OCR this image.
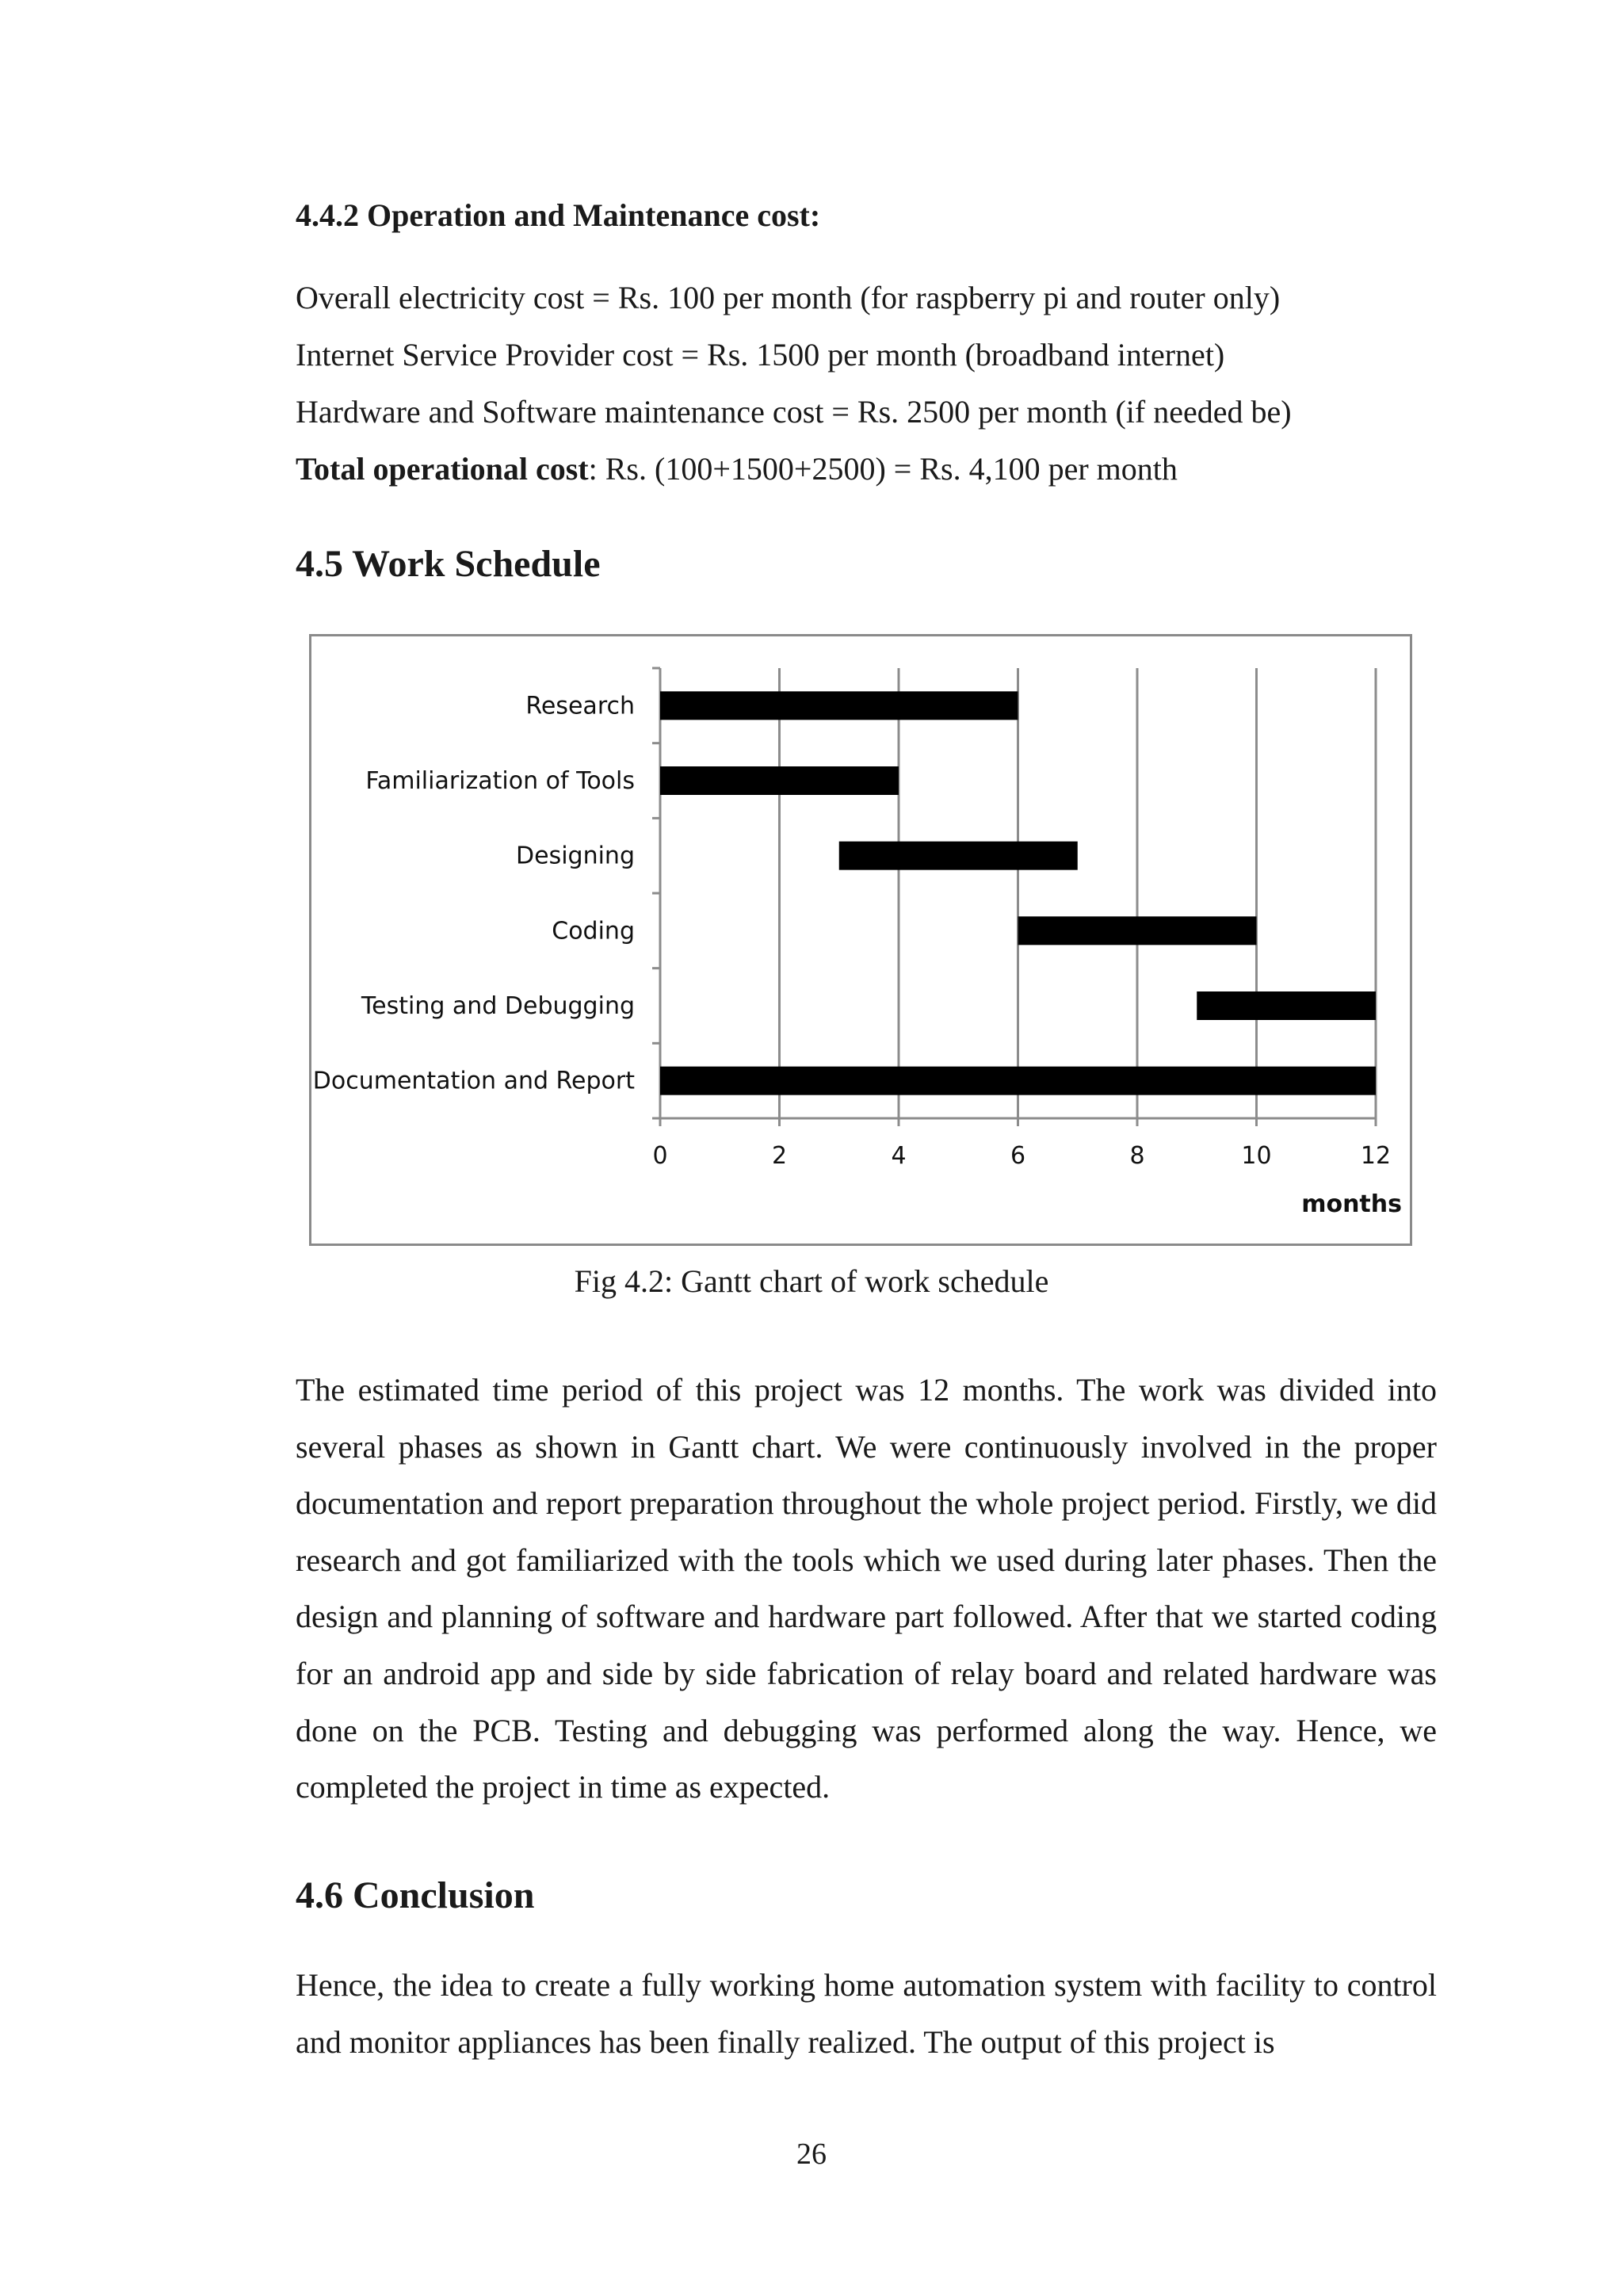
4.4.2 Operation and Maintenance cost:

Overall electricity cost = Rs. 100 per month (for raspberry pi and router only)

Internet Service Provider cost = Rs. 1500 per month (broadband internet)

Hardware and Software maintenance cost = Rs. 2500 per month (if needed be)

Total operational cost: Rs. (100+1500+2500) = Rs. 4,100 per month

4.5 Work Schedule
0	2	4	6	8	10	12
Research
Familiarization of Tools
Designing
Coding
Testing and Debugging
Documentation and Report
months

Fig 4.2: Gantt chart of work schedule

The estimated time period of this project was 12 months. The work was divided into several phases as shown in Gantt chart. We were continuously involved in the proper documentation and report preparation throughout the whole project period. Firstly, we did research and got familiarized with the tools which we used during later phases. Then the design and planning of software and hardware part followed. After that we started coding for an android app and side by side fabrication of relay board and related hardware was done on the PCB. Testing and debugging was performed along the way. Hence, we completed the project in time as expected.

4.6 Conclusion

Hence, the idea to create a fully working home automation system with facility to control and monitor appliances has been finally realized. The output of this project is

26
